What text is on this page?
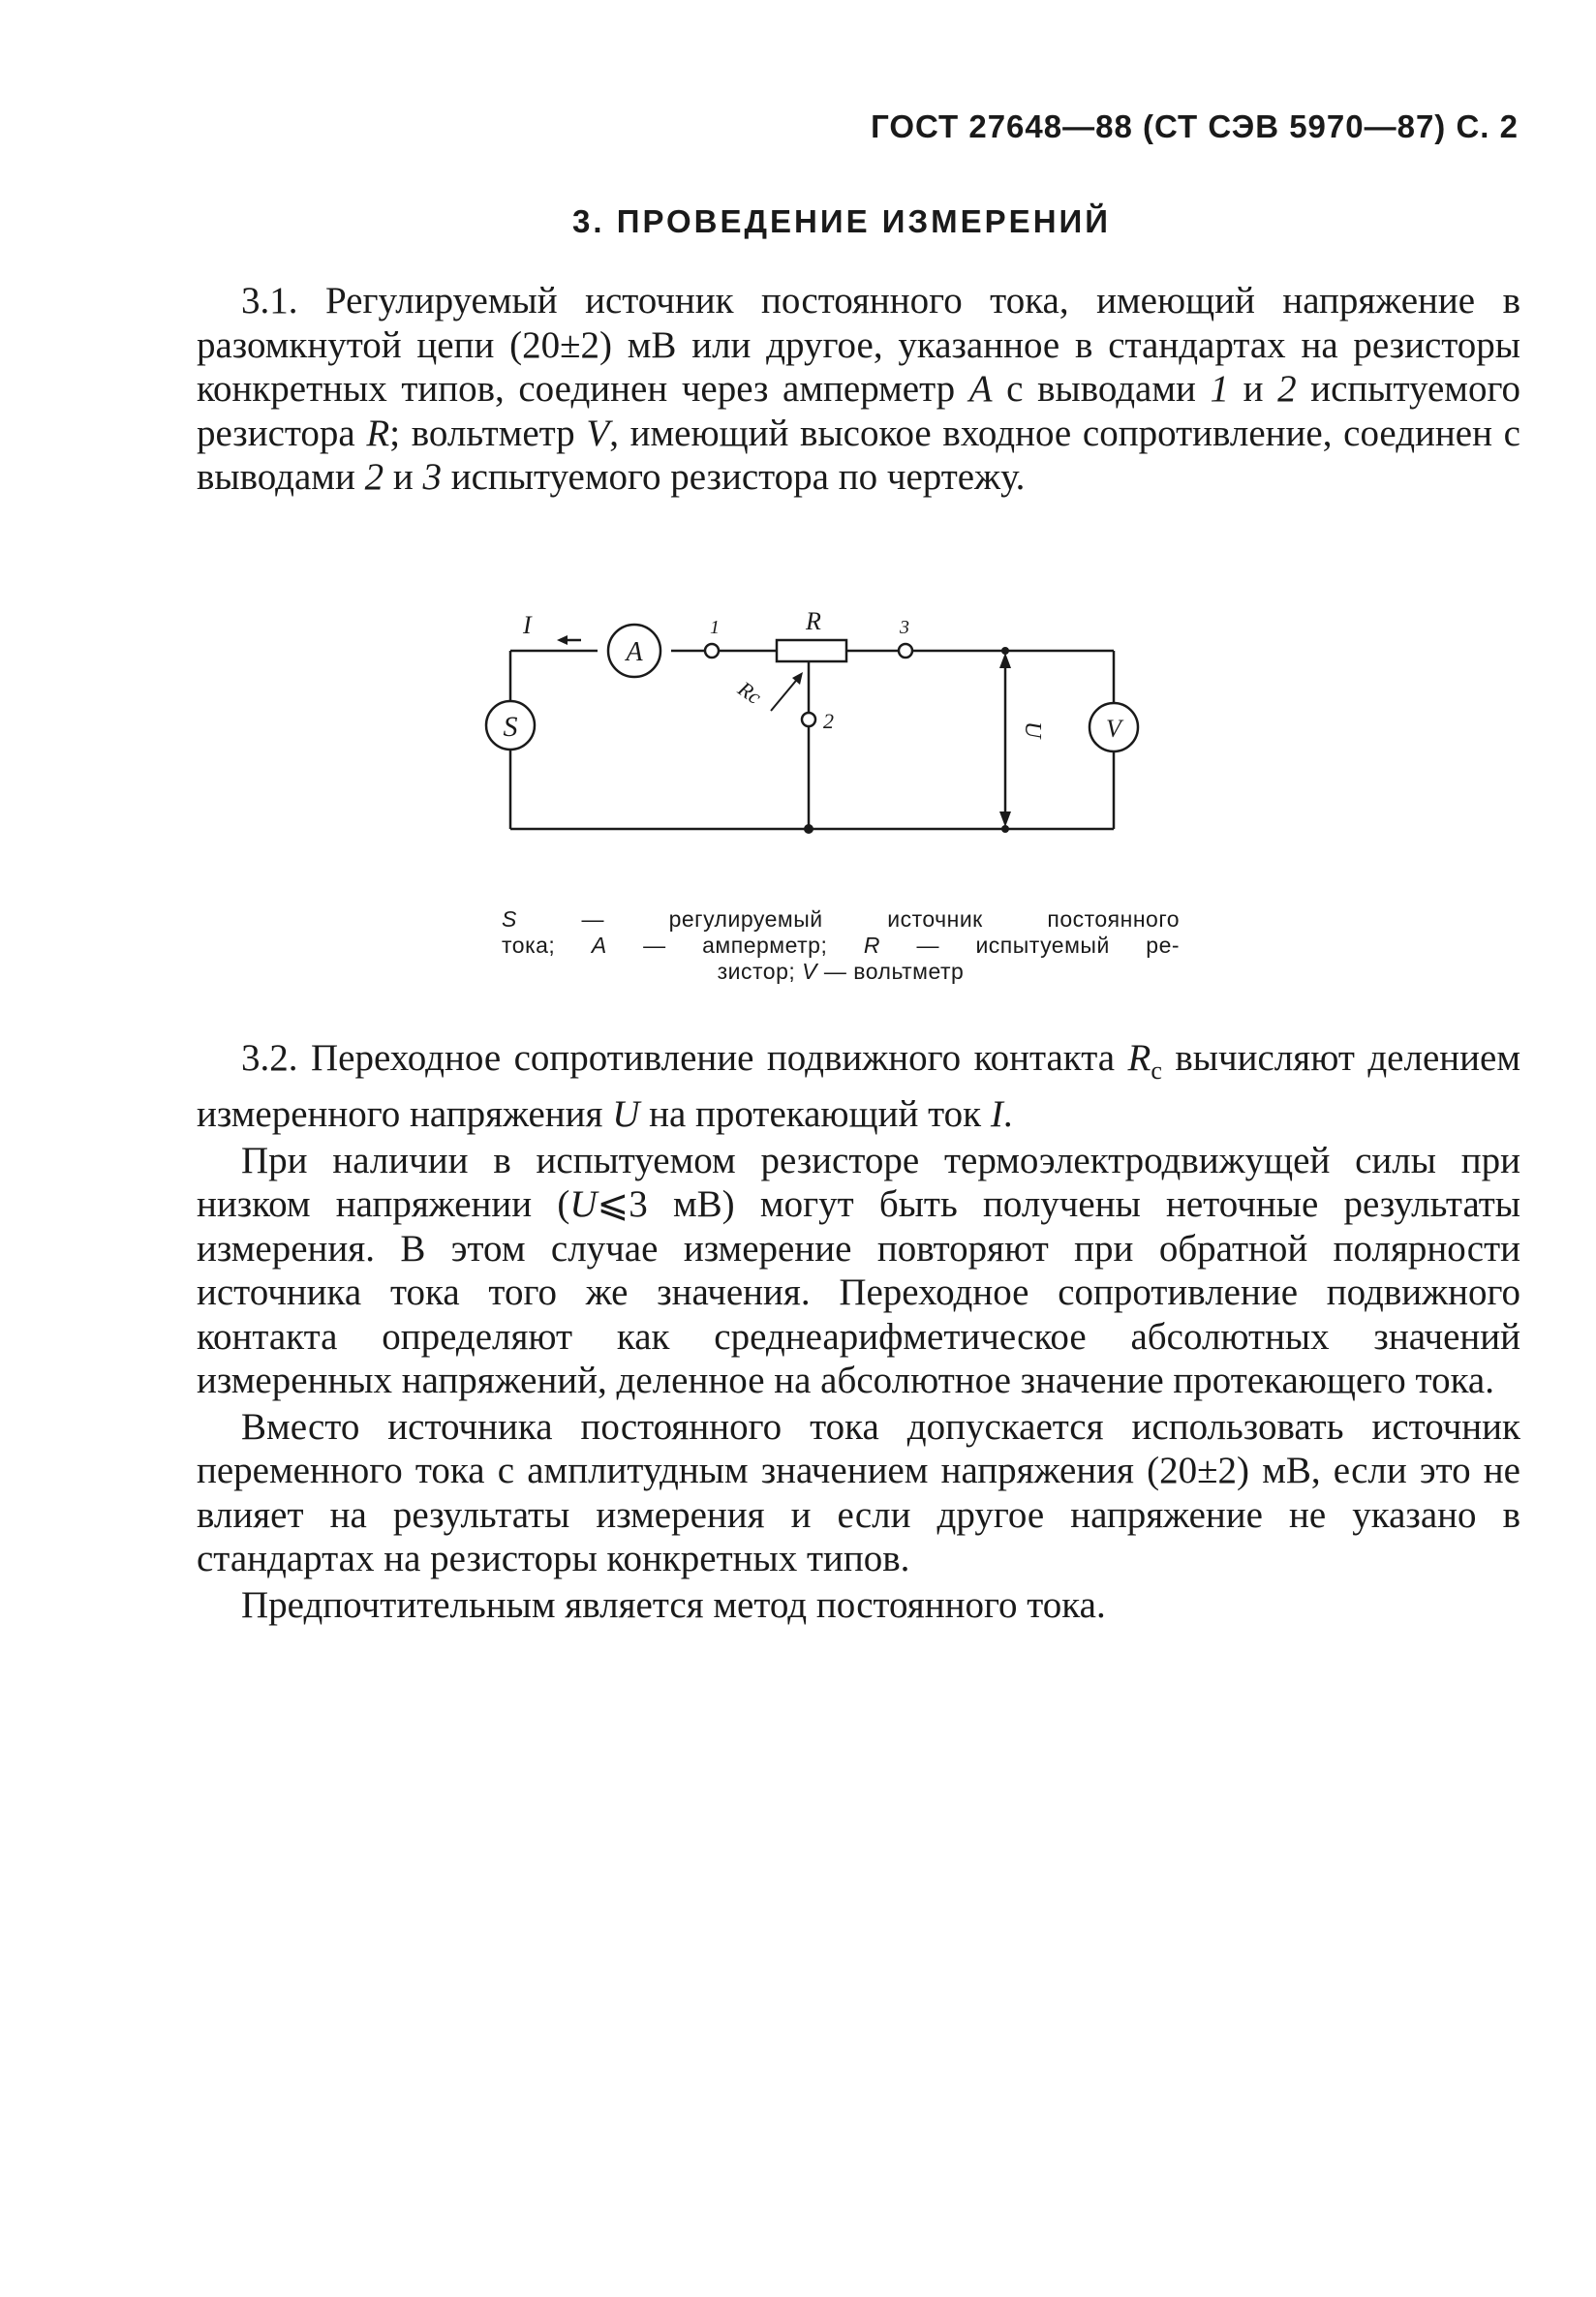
ГОСТ 27648—88 (СТ СЭВ 5970—87) С. 2
3. ПРОВЕДЕНИЕ ИЗМЕРЕНИЙ

3.1. Регулируемый источник постоянного тока, имеющий напряжение в разомкнутой цепи (20±2) мВ или другое, указанное в стандартах на резисторы конкретных типов, соединен через амперметр A с выводами 1 и 2 испытуемого резистора R; вольтметр V, имеющий высокое входное сопротивление, соединен с выводами 2 и 3 испытуемого резистора по чертежу.

A
S	V
I	1	R	3
2
Rc
U
S — регулируемый	источник	постоянного
тока; A — амперметр; R — испытуемый ре-
зистор; V — вольтметр

3.2. Переходное сопротивление подвижного контакта $R_c$ вычисляют делением измеренного напряжения U на протекающий ток I.

При наличии в испытуемом резисторе термоэлектродвижущей силы при низком напряжении (U⩽3 мВ) могут быть получены неточные результаты измерения. В этом случае измерение повторяют при обратной полярности источника тока того же значения. Переходное сопротивление подвижного контакта определяют как среднеарифметическое абсолютных значений измеренных напряжений, деленное на абсолютное значение протекающего тока.

Вместо источника постоянного тока допускается использовать источник переменного тока с амплитудным значением напряжения (20±2) мВ, если это не влияет на результаты измерения и если другое напряжение не указано в стандартах на резисторы конкретных типов.

Предпочтительным является метод постоянного тока.
